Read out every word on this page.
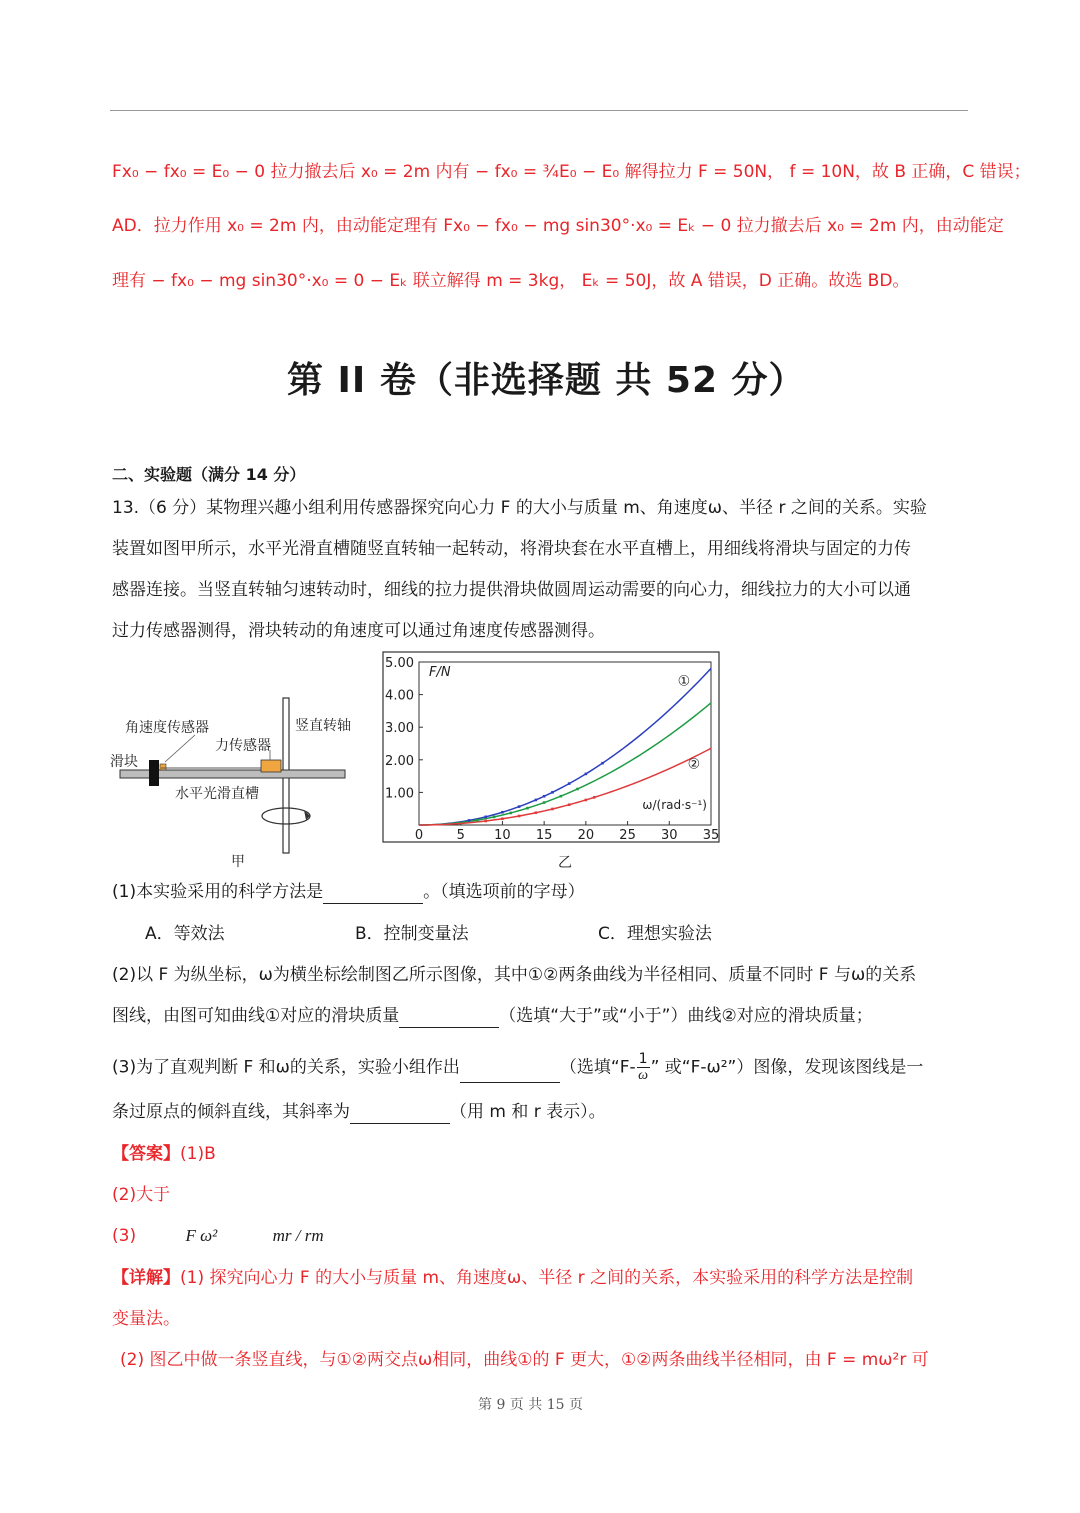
Fx₀ − fx₀ = E₀ − 0 拉力撤去后 x₀ = 2m 内有 − fx₀ = ¾E₀ − E₀ 解得拉力 F = 50N， f = 10N，故 B 正确，C 错误；
AD．拉力作用 x₀ = 2m 内，由动能定理有 Fx₀ − fx₀ − mg sin30°·x₀ = Eₖ − 0 拉力撤去后 x₀ = 2m 内，由动能定
理有 − fx₀ − mg sin30°·x₀ = 0 − Eₖ 联立解得 m = 3kg， Eₖ = 50J，故 A 错误，D 正确。故选 BD。
第 II 卷（非选择题 共 52 分）
二、实验题（满分 14 分）
13.（6 分）某物理兴趣小组利用传感器探究向心力 F 的大小与质量 m、角速度ω、半径 r 之间的关系。实验
装置如图甲所示，水平光滑直槽随竖直转轴一起转动，将滑块套在水平直槽上，用细线将滑块与固定的力传
感器连接。当竖直转轴匀速转动时，细线的拉力提供滑块做圆周运动需要的向心力，细线拉力的大小可以通
过力传感器测得，滑块转动的角速度可以通过角速度传感器测得。
角速度传感器
力传感器
竖直转轴
滑块
水平光滑直槽
甲
1.00
2.00
3.00
4.00
5.00
0	5 10 15 20 25 30 35
F/N
ω/(rad·s⁻¹)
①
②
乙
(1)本实验采用的科学方法是	。（填选项前的字母）
A．等效法	B．控制变量法	C．理想实验法
(2)以 F 为纵坐标，ω为横坐标绘制图乙所示图像，其中①②两条曲线为半径相同、质量不同时 F 与ω的关系
图线，由图可知曲线①对应的滑块质量	（选填“大于”或“小于”）曲线②对应的滑块质量；
(3)为了直观判断 F 和ω的关系，实验小组作出	（选填“$F- \frac{1}{\omega}$ ” 或“F-ω²”）图像，发现该图线是一
条过原点的倾斜直线，其斜率为	（用 m 和 r 表示）。
【答案】(1)B
(2)大于
(3)	F ω²	mr / rm
【详解】(1) 探究向心力 F 的大小与质量 m、角速度ω、半径 r 之间的关系，本实验采用的科学方法是控制
变量法。
(2) 图乙中做一条竖直线，与①②两交点ω相同，曲线①的 F 更大，①②两条曲线半径相同，由 F = mω²r 可
第 9 页 共 15 页
